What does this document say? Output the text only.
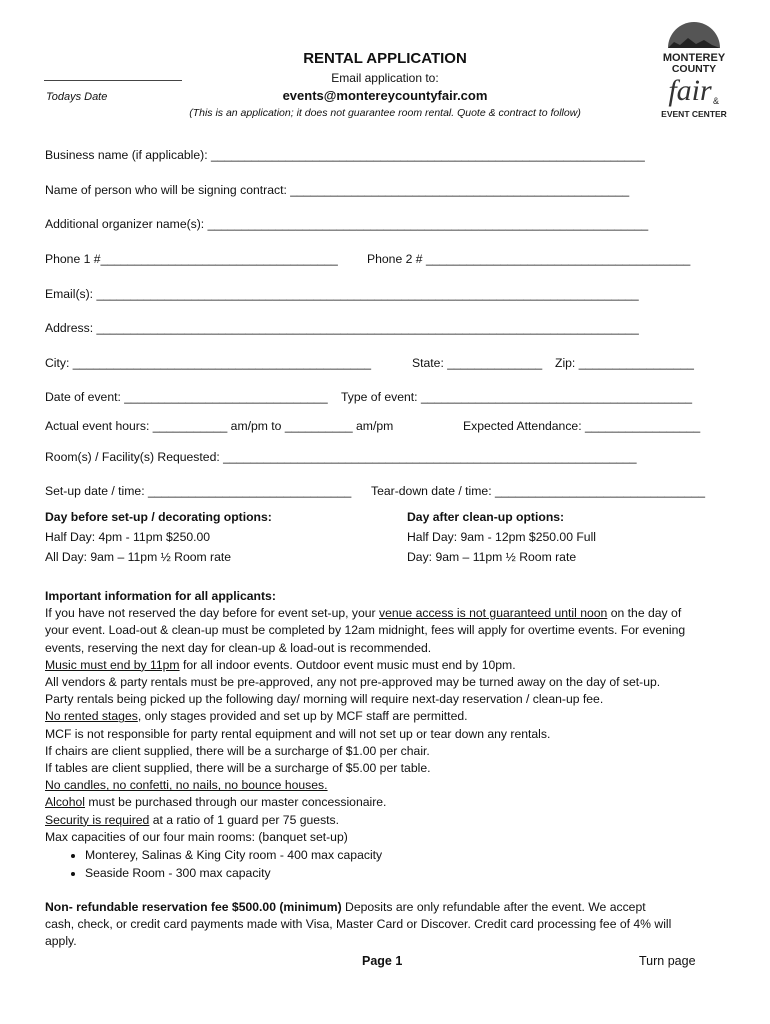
RENTAL APPLICATION
Email application to:
events@montereycountyfair.com
(This is an application; it does not guarantee room rental. Quote & contract to follow)
Todays Date
MONTEREY
COUNTY
fair &
EVENT CENTER
Business name (if applicable): ________________________________________________________________
Name of person who will be signing contract: __________________________________________________
Additional organizer name(s): _________________________________________________________________
Phone 1 #___________________________________ Phone 2 # _______________________________________
Email(s): ________________________________________________________________________________
Address: ________________________________________________________________________________
City: ____________________________________________	State: ______________ Zip: _________________
Date of event: ______________________________ Type of event: ________________________________________
Actual event hours: ___________ am/pm to __________ am/pm	Expected Attendance: _________________
Room(s) / Facility(s) Requested: _____________________________________________________________
Set-up date / time: ______________________________ Tear-down date / time: _______________________________
Day before set-up / decorating options:
Half Day: 4pm - 11pm $250.00
All Day: 9am – 11pm ½ Room rate
Day after clean-up options:
Half Day: 9am - 12pm $250.00 Full
Day: 9am – 11pm ½ Room rate
Important information for all applicants:
If you have not reserved the day before for event set-up, your venue access is not guaranteed until noon on the day of
your event. Load-out & clean-up must be completed by 12am midnight, fees will apply for overtime events. For evening
events, reserving the next day for clean-up & load-out is recommended.
Music must end by 11pm for all indoor events. Outdoor event music must end by 10pm.
All vendors & party rentals must be pre-approved, any not pre-approved may be turned away on the day of set-up.
Party rentals being picked up the following day/ morning will require next-day reservation / clean-up fee.
No rented stages, only stages provided and set up by MCF staff are permitted.
MCF is not responsible for party rental equipment and will not set up or tear down any rentals.
If chairs are client supplied, there will be a surcharge of $1.00 per chair.
If tables are client supplied, there will be a surcharge of $5.00 per table.
No candles, no confetti, no nails, no bounce houses.
Alcohol must be purchased through our master concessionaire.
Security is required at a ratio of 1 guard per 75 guests.
Max capacities of our four main rooms: (banquet set-up)
• Monterey, Salinas & King City room - 400 max capacity
• Seaside Room - 300 max capacity
Non- refundable reservation fee $500.00 (minimum) Deposits are only refundable after the event. We accept
cash, check, or credit card payments made with Visa, Master Card or Discover. Credit card processing fee of 4% will
apply.
Page 1	Turn page
